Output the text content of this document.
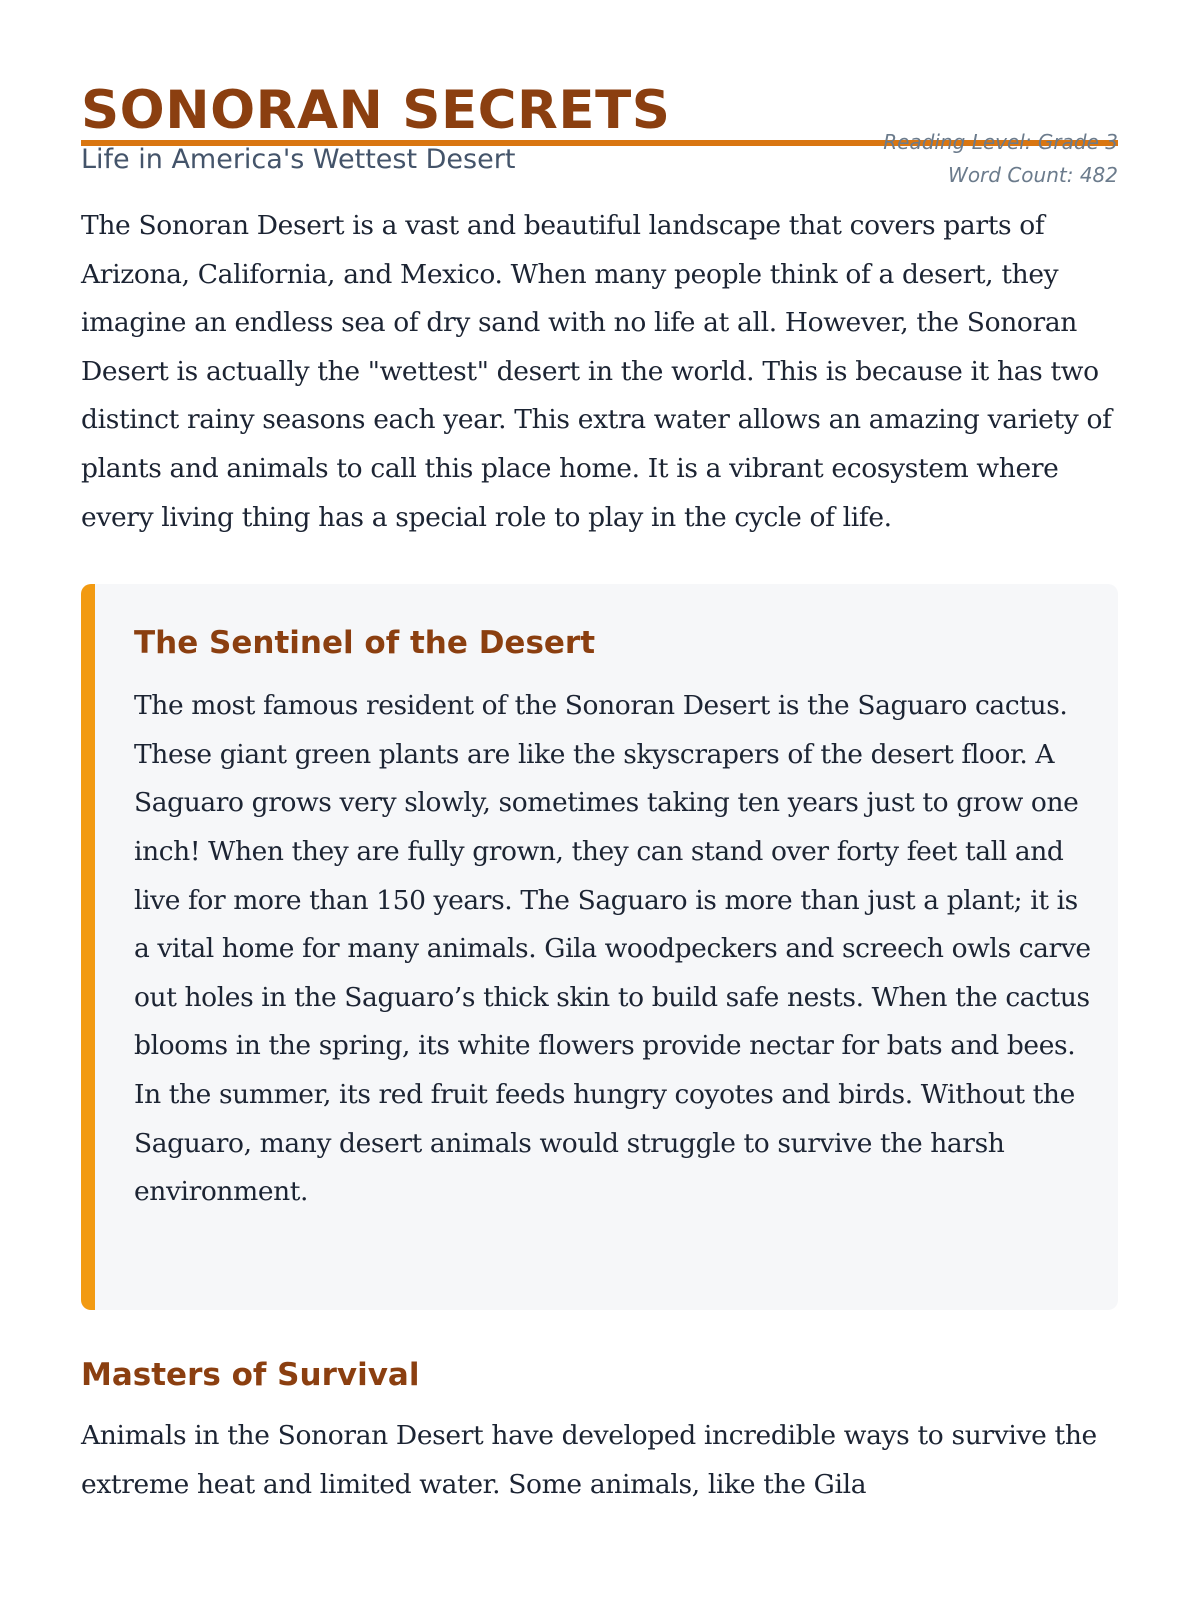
SONORAN SECRETS

Life in America's Wettest Desert

Reading Level: Grade 3
Word Count: 482

The Sonoran Desert is a vast and beautiful landscape that covers parts of Arizona, California, and Mexico. When many people think of a desert, they imagine an endless sea of dry sand with no life at all. However, the Sonoran Desert is actually the "wettest" desert in the world. This is because it has two distinct rainy seasons each year. This extra water allows an amazing variety of plants and animals to call this place home. It is a vibrant ecosystem where every living thing has a special role to play in the cycle of life.

The Sentinel of the Desert

The most famous resident of the Sonoran Desert is the Saguaro cactus. These giant green plants are like the skyscrapers of the desert floor. A Saguaro grows very slowly, sometimes taking ten years just to grow one inch! When they are fully grown, they can stand over forty feet tall and live for more than 150 years. The Saguaro is more than just a plant; it is a vital home for many animals. Gila woodpeckers and screech owls carve out holes in the Saguaro’s thick skin to build safe nests. When the cactus blooms in the spring, its white flowers provide nectar for bats and bees. In the summer, its red fruit feeds hungry coyotes and birds. Without the Saguaro, many desert animals would struggle to survive the harsh environment.

Masters of Survival

Animals in the Sonoran Desert have developed incredible ways to survive the extreme heat and limited water. Some animals, like the Gila
